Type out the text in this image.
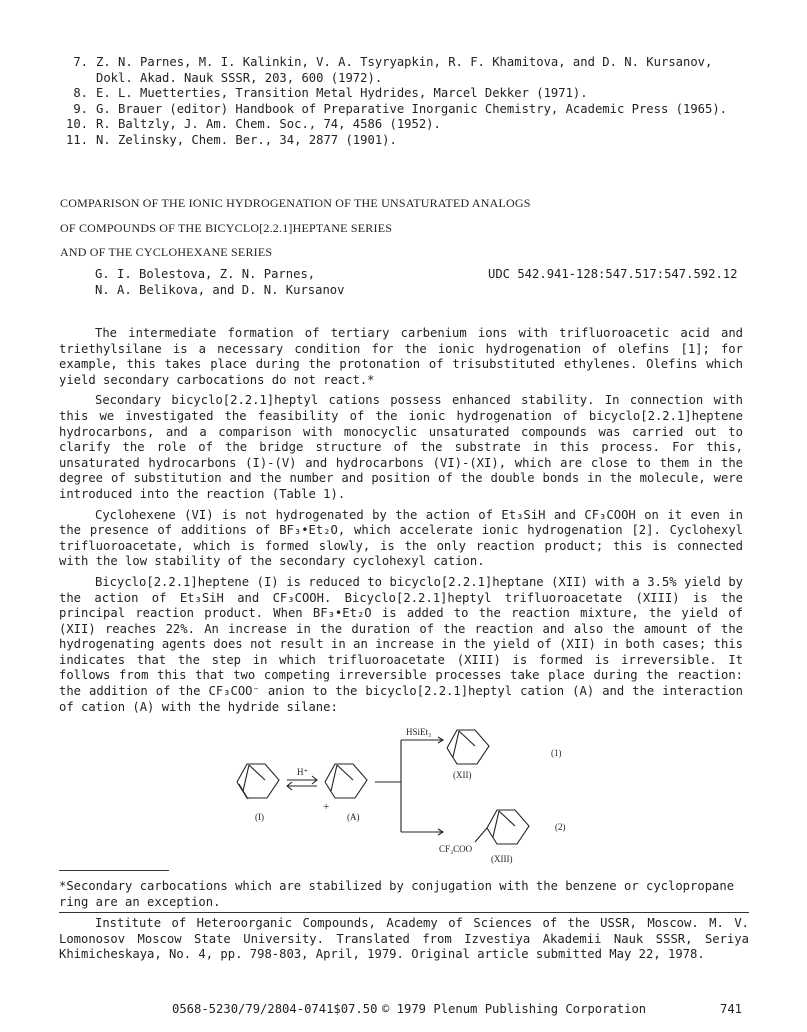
7. Z. N. Parnes, M. I. Kalinkin, V. A. Tsyryapkin, R. F. Khamitova, and D. N. Kursanov,
Dokl. Akad. Nauk SSSR, 203, 600 (1972).
8. E. L. Muetterties, Transition Metal Hydrides, Marcel Dekker (1971).
9. G. Brauer (editor) Handbook of Preparative Inorganic Chemistry, Academic Press (1965).
10. R. Baltzly, J. Am. Chem. Soc., 74, 4586 (1952).
11. N. Zelinsky, Chem. Ber., 34, 2877 (1901).
COMPARISON OF THE IONIC HYDROGENATION OF THE UNSATURATED ANALOGS
OF COMPOUNDS OF THE BICYCLO[2.2.1]HEPTANE SERIES
AND OF THE CYCLOHEXANE SERIES
G. I. Bolestova, Z. N. Parnes,
N. A. Belikova, and D. N. Kursanov
UDC 542.941-128:547.517:547.592.12

The intermediate formation of tertiary carbenium ions with trifluoroacetic acid and triethylsilane is a necessary condition for the ionic hydrogenation of olefins [1]; for example, this takes place during the protonation of trisubstituted ethylenes. Olefins which yield secondary carbocations do not react.*

Secondary bicyclo[2.2.1]heptyl cations possess enhanced stability. In connection with this we investigated the feasibility of the ionic hydrogenation of bicyclo[2.2.1]heptene hydrocarbons, and a comparison with monocyclic unsaturated compounds was carried out to clarify the role of the bridge structure of the substrate in this process. For this, unsaturated hydrocarbons (I)-(V) and hydrocarbons (VI)-(XI), which are close to them in the degree of substitution and the number and position of the double bonds in the molecule, were introduced into the reaction (Table 1).

Cyclohexene (VI) is not hydrogenated by the action of Et₃SiH and CF₃COOH on it even in the presence of additions of BF₃•Et₂O, which accelerate ionic hydrogenation [2]. Cyclohexyl trifluoroacetate, which is formed slowly, is the only reaction product; this is connected with the low stability of the secondary cyclohexyl cation.

Bicyclo[2.2.1]heptene (I) is reduced to bicyclo[2.2.1]heptane (XII) with a 3.5% yield by the action of Et₃SiH and CF₃COOH. Bicyclo[2.2.1]heptyl trifluoroacetate (XIII) is the principal reaction product. When BF₃•Et₂O is added to the reaction mixture, the yield of (XII) reaches 22%. An increase in the duration of the reaction and also the amount of the hydrogenating agents does not result in an increase in the yield of (XII) in both cases; this indicates that the step in which trifluoroacetate (XIII) is formed is irreversible. It follows from this that two competing irreversible processes take place during the reaction: the addition of the CF₃COO⁻ anion to the bicyclo[2.2.1]heptyl cation (A) and the interaction of cation (A) with the hydride silane:

(I)
H⁺
+
(A)
HSiEt₃
(XII)
(1)
CF₃COO
(2)
(XIII)
*Secondary carbocations which are stabilized by conjugation with the benzene or cyclopropane ring are an exception.

Institute of Heteroorganic Compounds, Academy of Sciences of the USSR, Moscow. M. V. Lomonosov Moscow State University. Translated from Izvestiya Akademii Nauk SSSR, Seriya Khimicheskaya, No. 4, pp. 798-803, April, 1979. Original article submitted May 22, 1978.

0568-5230/79/2804-0741$07.50 © 1979 Plenum Publishing Corporation	741
